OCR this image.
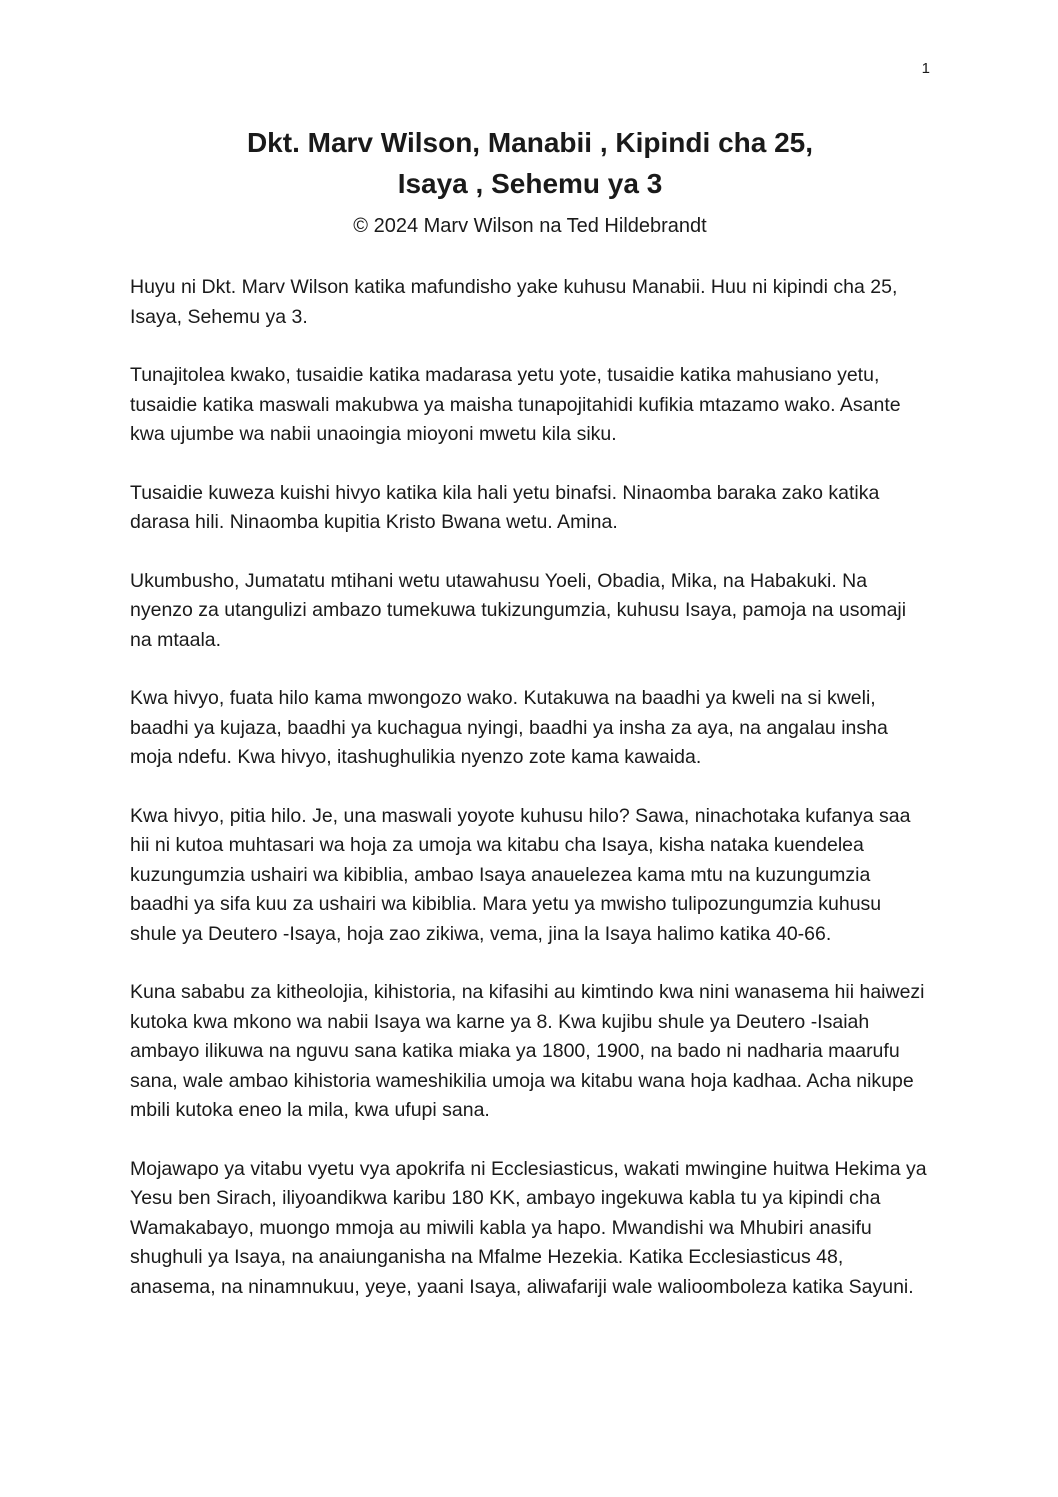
1
Dkt. Marv Wilson, Manabii , Kipindi cha 25,
Isaya , Sehemu ya 3
© 2024 Marv Wilson na Ted Hildebrandt

Huyu ni Dkt. Marv Wilson katika mafundisho yake kuhusu Manabii. Huu ni kipindi cha 25, Isaya, Sehemu ya 3.

Tunajitolea kwako, tusaidie katika madarasa yetu yote, tusaidie katika mahusiano yetu, tusaidie katika maswali makubwa ya maisha tunapojitahidi kufikia mtazamo wako. Asante kwa ujumbe wa nabii unaoingia mioyoni mwetu kila siku.

Tusaidie kuweza kuishi hivyo katika kila hali yetu binafsi. Ninaomba baraka zako katika darasa hili. Ninaomba kupitia Kristo Bwana wetu. Amina.

Ukumbusho, Jumatatu mtihani wetu utawahusu Yoeli, Obadia, Mika, na Habakuki. Na nyenzo za utangulizi ambazo tumekuwa tukizungumzia, kuhusu Isaya, pamoja na usomaji na mtaala.

Kwa hivyo, fuata hilo kama mwongozo wako. Kutakuwa na baadhi ya kweli na si kweli, baadhi ya kujaza, baadhi ya kuchagua nyingi, baadhi ya insha za aya, na angalau insha moja ndefu. Kwa hivyo, itashughulikia nyenzo zote kama kawaida.

Kwa hivyo, pitia hilo. Je, una maswali yoyote kuhusu hilo? Sawa, ninachotaka kufanya saa hii ni kutoa muhtasari wa hoja za umoja wa kitabu cha Isaya, kisha nataka kuendelea kuzungumzia ushairi wa kibiblia, ambao Isaya anauelezea kama mtu na kuzungumzia baadhi ya sifa kuu za ushairi wa kibiblia. Mara yetu ya mwisho tulipozungumzia kuhusu shule ya Deutero -Isaya, hoja zao zikiwa, vema, jina la Isaya halimo katika 40-66.

Kuna sababu za kitheolojia, kihistoria, na kifasihi au kimtindo kwa nini wanasema hii haiwezi kutoka kwa mkono wa nabii Isaya wa karne ya 8. Kwa kujibu shule ya Deutero -Isaiah ambayo ilikuwa na nguvu sana katika miaka ya 1800, 1900, na bado ni nadharia maarufu sana, wale ambao kihistoria wameshikilia umoja wa kitabu wana hoja kadhaa. Acha nikupe mbili kutoka eneo la mila, kwa ufupi sana.

Mojawapo ya vitabu vyetu vya apokrifa ni Ecclesiasticus, wakati mwingine huitwa Hekima ya Yesu ben Sirach, iliyoandikwa karibu 180 KK, ambayo ingekuwa kabla tu ya kipindi cha Wamakabayo, muongo mmoja au miwili kabla ya hapo. Mwandishi wa Mhubiri anasifu shughuli ya Isaya, na anaiunganisha na Mfalme Hezekia. Katika Ecclesiasticus 48, anasema, na ninamnukuu, yeye, yaani Isaya, aliwafariji wale walioomboleza katika Sayuni.
